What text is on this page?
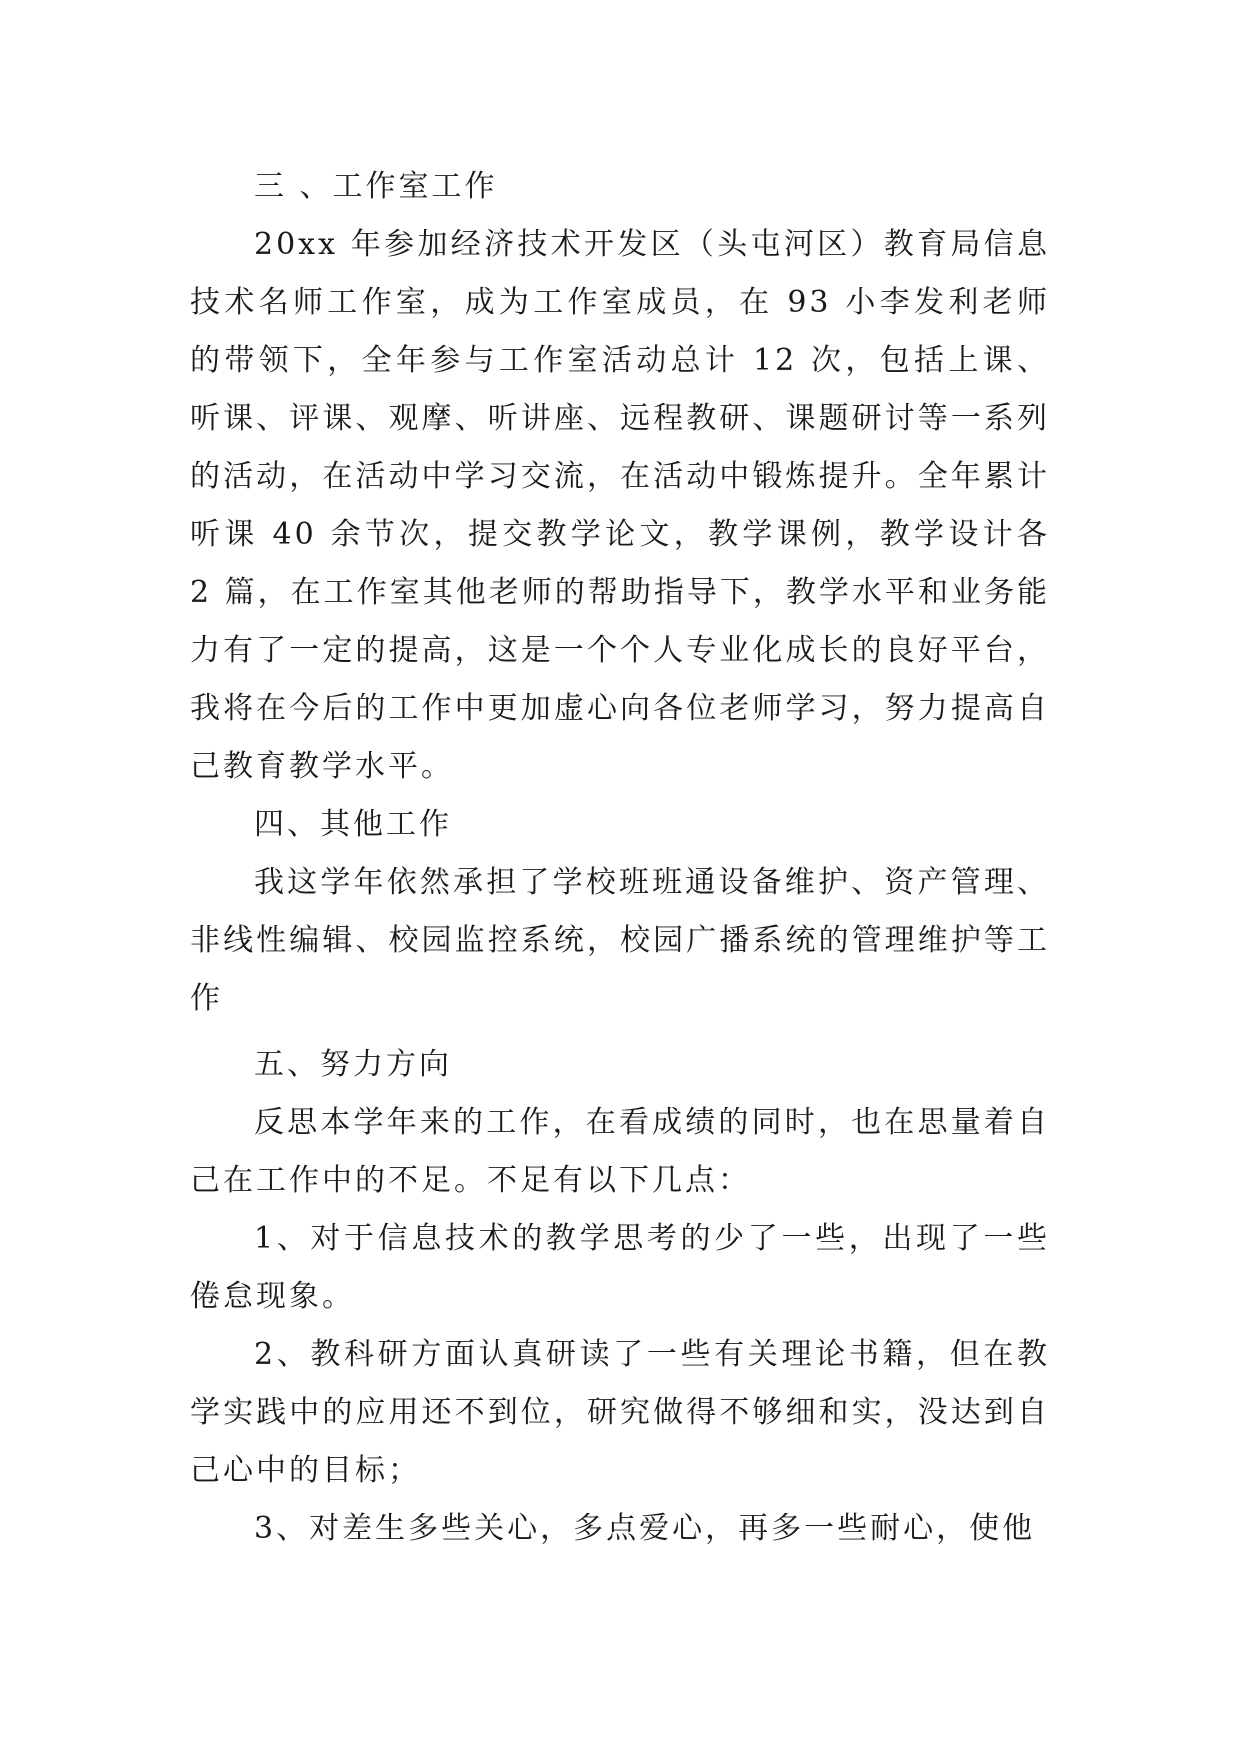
三 、工作室工作

20xx 年参加经济技术开发区（头屯河区）教育局信息技术名师工作室，成为工作室成员，在 93 小李发利老师的带领下，全年参与工作室活动总计 12 次，包括上课、听课、评课、观摩、听讲座、远程教研、课题研讨等一系列的活动，在活动中学习交流，在活动中锻炼提升。全年累计听课 40 余节次，提交教学论文，教学课例，教学设计各 2 篇，在工作室其他老师的帮助指导下，教学水平和业务能力有了一定的提高，这是一个个人专业化成长的良好平台，我将在今后的工作中更加虚心向各位老师学习，努力提高自己教育教学水平。

四、其他工作

我这学年依然承担了学校班班通设备维护、资产管理、非线性编辑、校园监控系统，校园广播系统的管理维护等工作

五、努力方向

反思本学年来的工作，在看成绩的同时，也在思量着自己在工作中的不足。不足有以下几点：

1、对于信息技术的教学思考的少了一些，出现了一些倦怠现象。

2、教科研方面认真研读了一些有关理论书籍，但在教学实践中的应用还不到位，研究做得不够细和实，没达到自己心中的目标；

3、对差生多些关心，多点爱心，再多一些耐心，使他
